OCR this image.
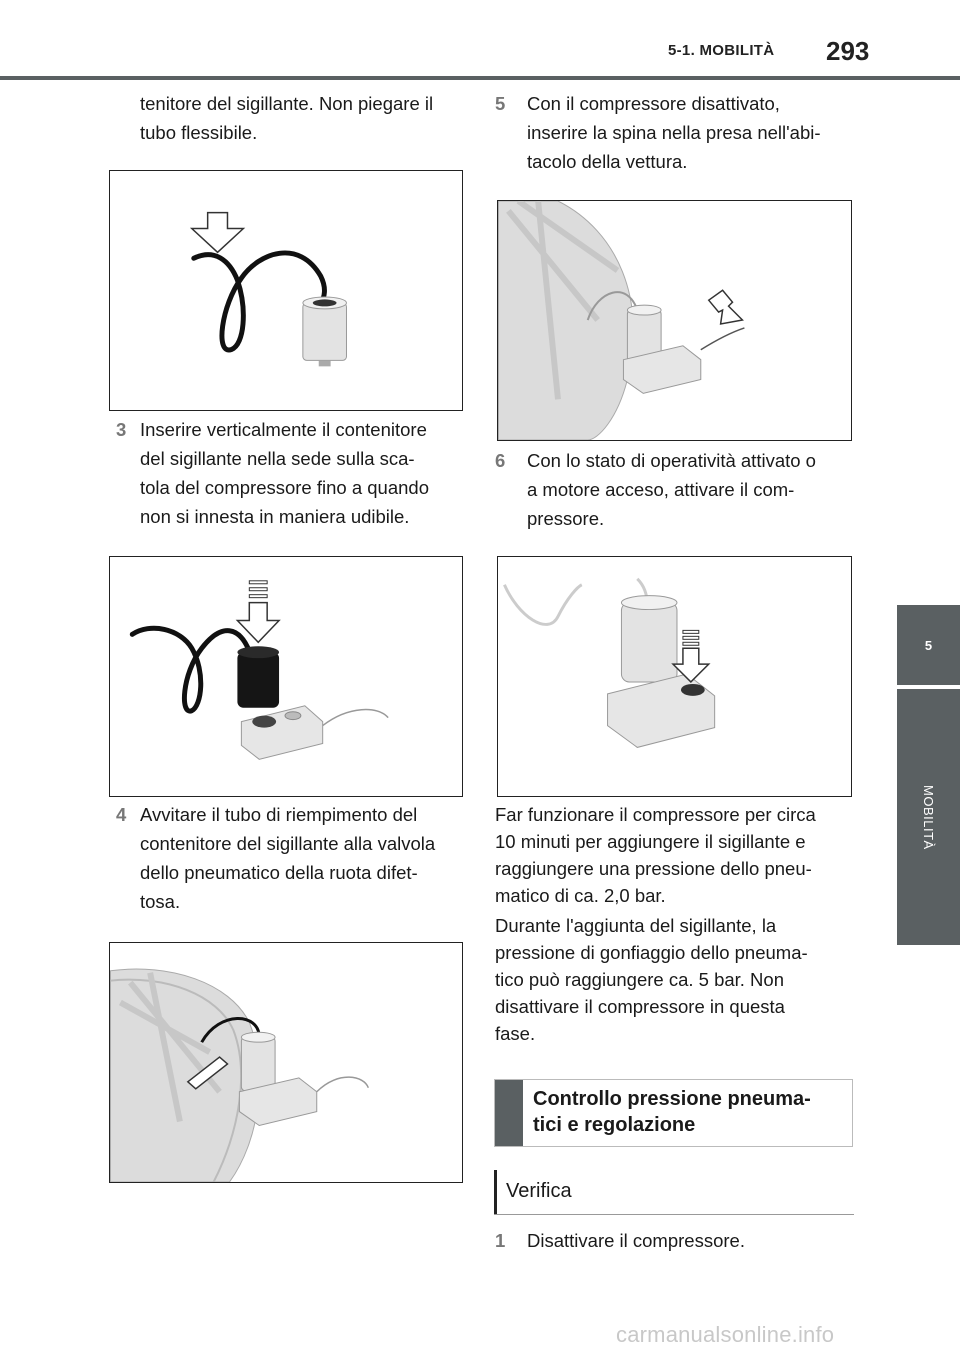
5-1. MOBILITÀ 293
5
MOBILITÀ
tenitore del sigillante. Non piegare il
tubo flessibile.
3 Inserire verticalmente il contenitore
del sigillante nella sede sulla sca-
tola del compressore fino a quando
non si innesta in maniera udibile.
4 Avvitare il tubo di riempimento del
contenitore del sigillante alla valvola
dello pneumatico della ruota difet-
tosa.
5 Con il compressore disattivato,
inserire la spina nella presa nell'abi-
tacolo della vettura.
6 Con lo stato di operatività attivato o
a motore acceso, attivare il com-
pressore.
Far funzionare il compressore per circa
10 minuti per aggiungere il sigillante e
raggiungere una pressione dello pneu-
matico di ca. 2,0 bar.
Durante l'aggiunta del sigillante, la
pressione di gonfiaggio dello pneuma-
tico può raggiungere ca. 5 bar. Non
disattivare il compressore in questa
fase.
Controllo pressione pneuma-
tici e regolazione
Verifica
1 Disattivare il compressore.
carmanualsonline.info
